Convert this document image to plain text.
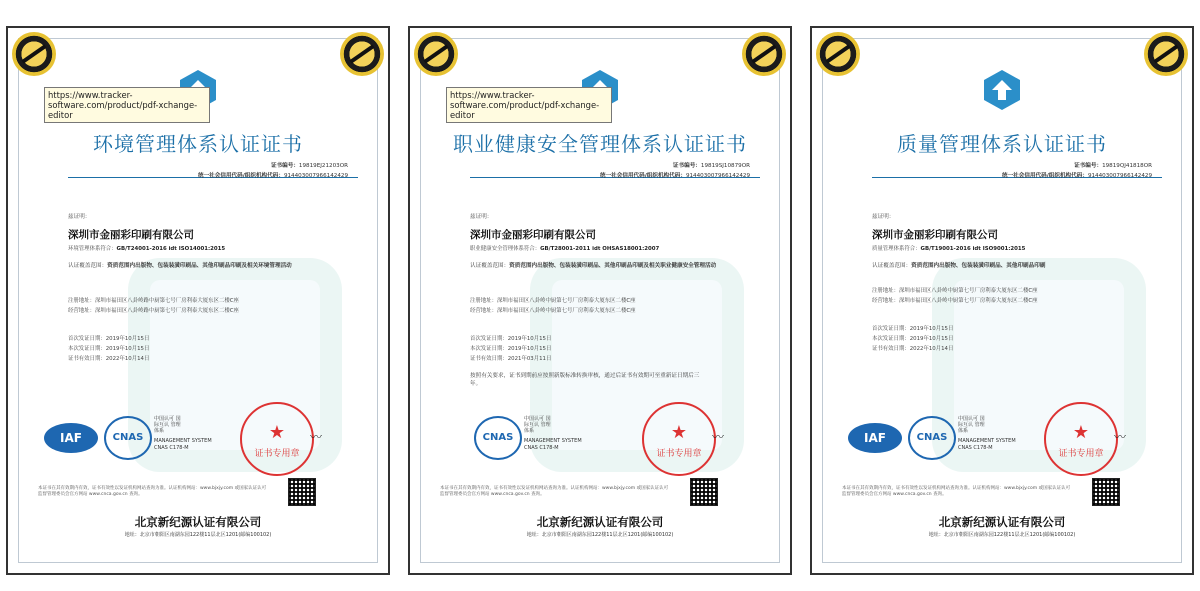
https://www.tracker-software.com/product/pdf-xchange-editor
环境管理体系认证证书
证书编号：19819EJ21203OR
统一社会信用代码/组织机构代码：914403007966142429
兹证明：
深圳市金丽彩印刷有限公司
环境管理体系符合：GB/T24001-2016 idt ISO14001:2015
认证覆盖范围：资质范围内出版物、包装装潢印刷品、其他印刷品印刷及相关环境管理活动
注册地址：深圳市福田区八卦岭路中厨第七号厂房利泰大厦东区二楼C座
经营地址：深圳市福田区八卦岭路中厨第七号厂房利泰大厦东区二楼C座
首次发证日期：2019年10月15日
本次发证日期：2019年10月15日
证书有效日期：2022年10月14日
IAF	CNAS
中国认可 国际互认 管理体系
MANAGEMENT SYSTEM
CNAS C178-M
★
证书专用章
〰
本证书在其有效期内有效，证书有效性以发证机构网站查询为准。认证机构网站：www.bjxjy.com 或国家认证认可监督管理委员会官方网站 www.cnca.gov.cn 查询。
北京新纪源认证有限公司
地址：北京市朝阳区南湖东园122楼11层北区1201(邮编100102)
https://www.tracker-software.com/product/pdf-xchange-editor
职业健康安全管理体系认证证书
证书编号：19819SJ10879OR
统一社会信用代码/组织机构代码：914403007966142429
兹证明：
深圳市金丽彩印刷有限公司
职业健康安全管理体系符合：GB/T28001-2011 idt OHSAS18001:2007
认证覆盖范围：资质范围内出版物、包装装潢印刷品、其他印刷品印刷及相关职业健康安全管理活动
注册地址：深圳市福田区八卦岭中厨第七号厂房利泰大厦东区二楼C座
经营地址：深圳市福田区八卦岭中厨第七号厂房利泰大厦东区二楼C座
首次发证日期：2019年10月15日
本次发证日期：2019年10月15日
证书有效日期：2021年03月11日
按照有关要求，证书到期前应按照新版标准转换审核，通过后证书有效期可至重新证日期后三年。
CNAS
中国认可 国际互认 管理体系
MANAGEMENT SYSTEM
CNAS C178-M
★
证书专用章
〰
本证书在其有效期内有效，证书有效性以发证机构网站查询为准。认证机构网站：www.bjxjy.com 或国家认证认可监督管理委员会官方网站 www.cnca.gov.cn 查询。
北京新纪源认证有限公司
地址：北京市朝阳区南湖东园122楼11层北区1201(邮编100102)
质量管理体系认证证书
证书编号：19819QJ41818OR
统一社会信用代码/组织机构代码：914403007966142429
兹证明：
深圳市金丽彩印刷有限公司
质量管理体系符合：GB/T19001-2016 idt ISO9001:2015
认证覆盖范围：资质范围内出版物、包装装潢印刷品、其他印刷品印刷
注册地址：深圳市福田区八卦岭中厨第七号厂房利泰大厦东区二楼C座
经营地址：深圳市福田区八卦岭中厨第七号厂房利泰大厦东区二楼C座
首次发证日期：2019年10月15日
本次发证日期：2019年10月15日
证书有效日期：2022年10月14日
IAF	CNAS
中国认可 国际互认 管理体系
MANAGEMENT SYSTEM
CNAS C178-M
★
证书专用章
〰
本证书在其有效期内有效，证书有效性以发证机构网站查询为准。认证机构网站：www.bjxjy.com 或国家认证认可监督管理委员会官方网站 www.cnca.gov.cn 查询。
北京新纪源认证有限公司
地址：北京市朝阳区南湖东园122楼11层北区1201(邮编100102)
